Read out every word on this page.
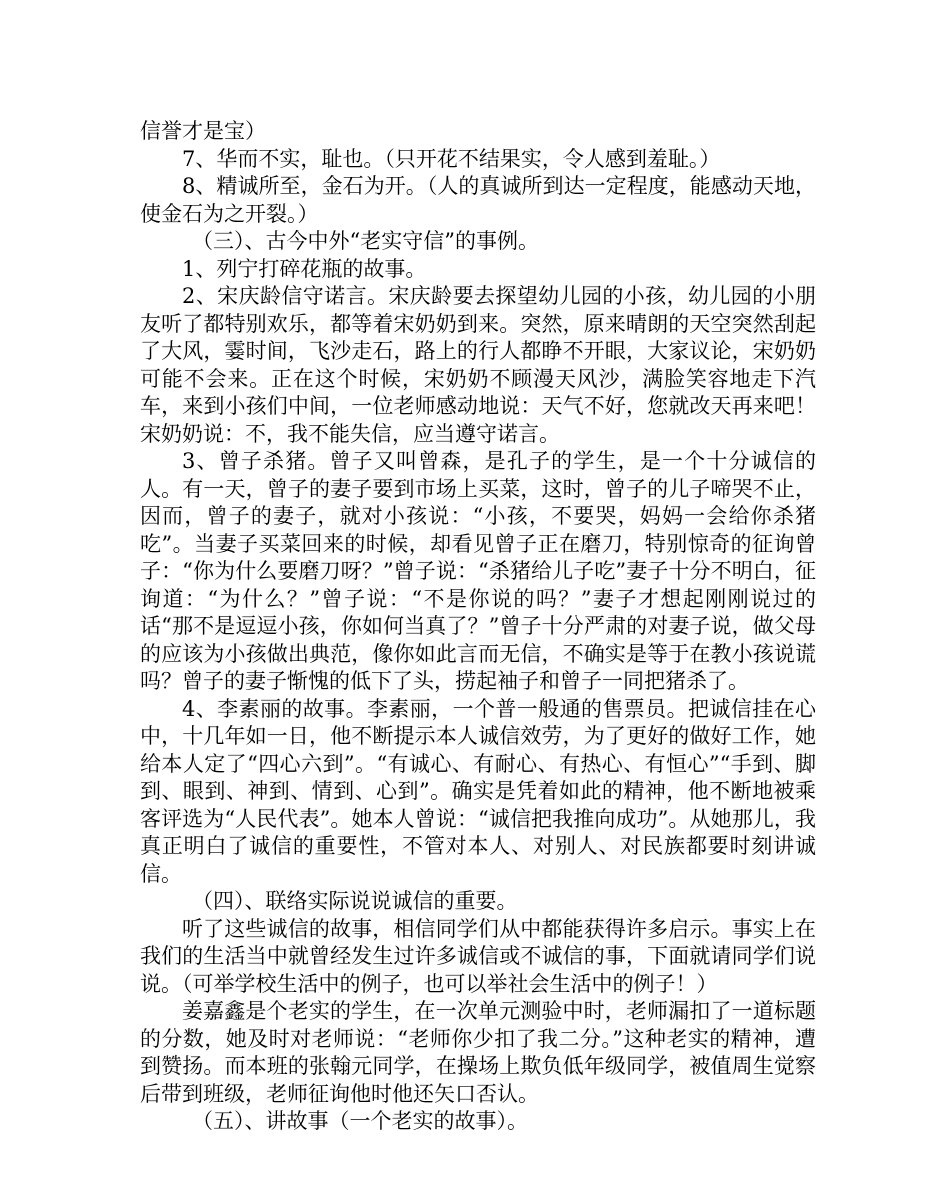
信誉才是宝）

7、华而不实，耻也。（只开花不结果实，令人感到羞耻。）

8、精诚所至，金石为开。（人的真诚所到达一定程度，能感动天地，使金石为之开裂。）

（三）、古今中外“老实守信”的事例。

1、列宁打碎花瓶的故事。

2、宋庆龄信守诺言。宋庆龄要去探望幼儿园的小孩，幼儿园的小朋友听了都特别欢乐，都等着宋奶奶到来。突然，原来晴朗的天空突然刮起了大风，霎时间，飞沙走石，路上的行人都睁不开眼，大家议论，宋奶奶可能不会来。正在这个时候，宋奶奶不顾漫天风沙，满脸笑容地走下汽车，来到小孩们中间，一位老师感动地说：天气不好，您就改天再来吧！宋奶奶说：不，我不能失信，应当遵守诺言。

3、曾子杀猪。曾子又叫曾森，是孔子的学生，是一个十分诚信的人。有一天，曾子的妻子要到市场上买菜，这时，曾子的儿子啼哭不止，因而，曾子的妻子，就对小孩说：“小孩，不要哭，妈妈一会给你杀猪吃”。当妻子买菜回来的时候，却看见曾子正在磨刀，特别惊奇的征询曾子：“你为什么要磨刀呀？”曾子说：“杀猪给儿子吃”妻子十分不明白，征询道：“为什么？”曾子说：“不是你说的吗？”妻子才想起刚刚说过的话“那不是逗逗小孩，你如何当真了？”曾子十分严肃的对妻子说，做父母的应该为小孩做出典范，像你如此言而无信，不确实是等于在教小孩说谎吗？曾子的妻子惭愧的低下了头，捞起袖子和曾子一同把猪杀了。

4、李素丽的故事。李素丽，一个普一般通的售票员。把诚信挂在心中，十几年如一日，他不断提示本人诚信效劳，为了更好的做好工作，她给本人定了“四心六到”。“有诚心、有耐心、有热心、有恒心”“手到、脚到、眼到、神到、情到、心到”。确实是凭着如此的精神，他不断地被乘客评选为“人民代表”。她本人曾说：“诚信把我推向成功”。从她那儿，我真正明白了诚信的重要性，不管对本人、对别人、对民族都要时刻讲诚信。

（四）、联络实际说说诚信的重要。

听了这些诚信的故事，相信同学们从中都能获得许多启示。事实上在我们的生活当中就曾经发生过许多诚信或不诚信的事，下面就请同学们说说。（可举学校生活中的例子，也可以举社会生活中的例子！）

姜嘉鑫是个老实的学生，在一次单元测验中时，老师漏扣了一道标题的分数，她及时对老师说：“老师你少扣了我二分。”这种老实的精神，遭到赞扬。而本班的张翰元同学，在操场上欺负低年级同学，被值周生觉察后带到班级，老师征询他时他还矢口否认。

（五）、讲故事（一个老实的故事）。
